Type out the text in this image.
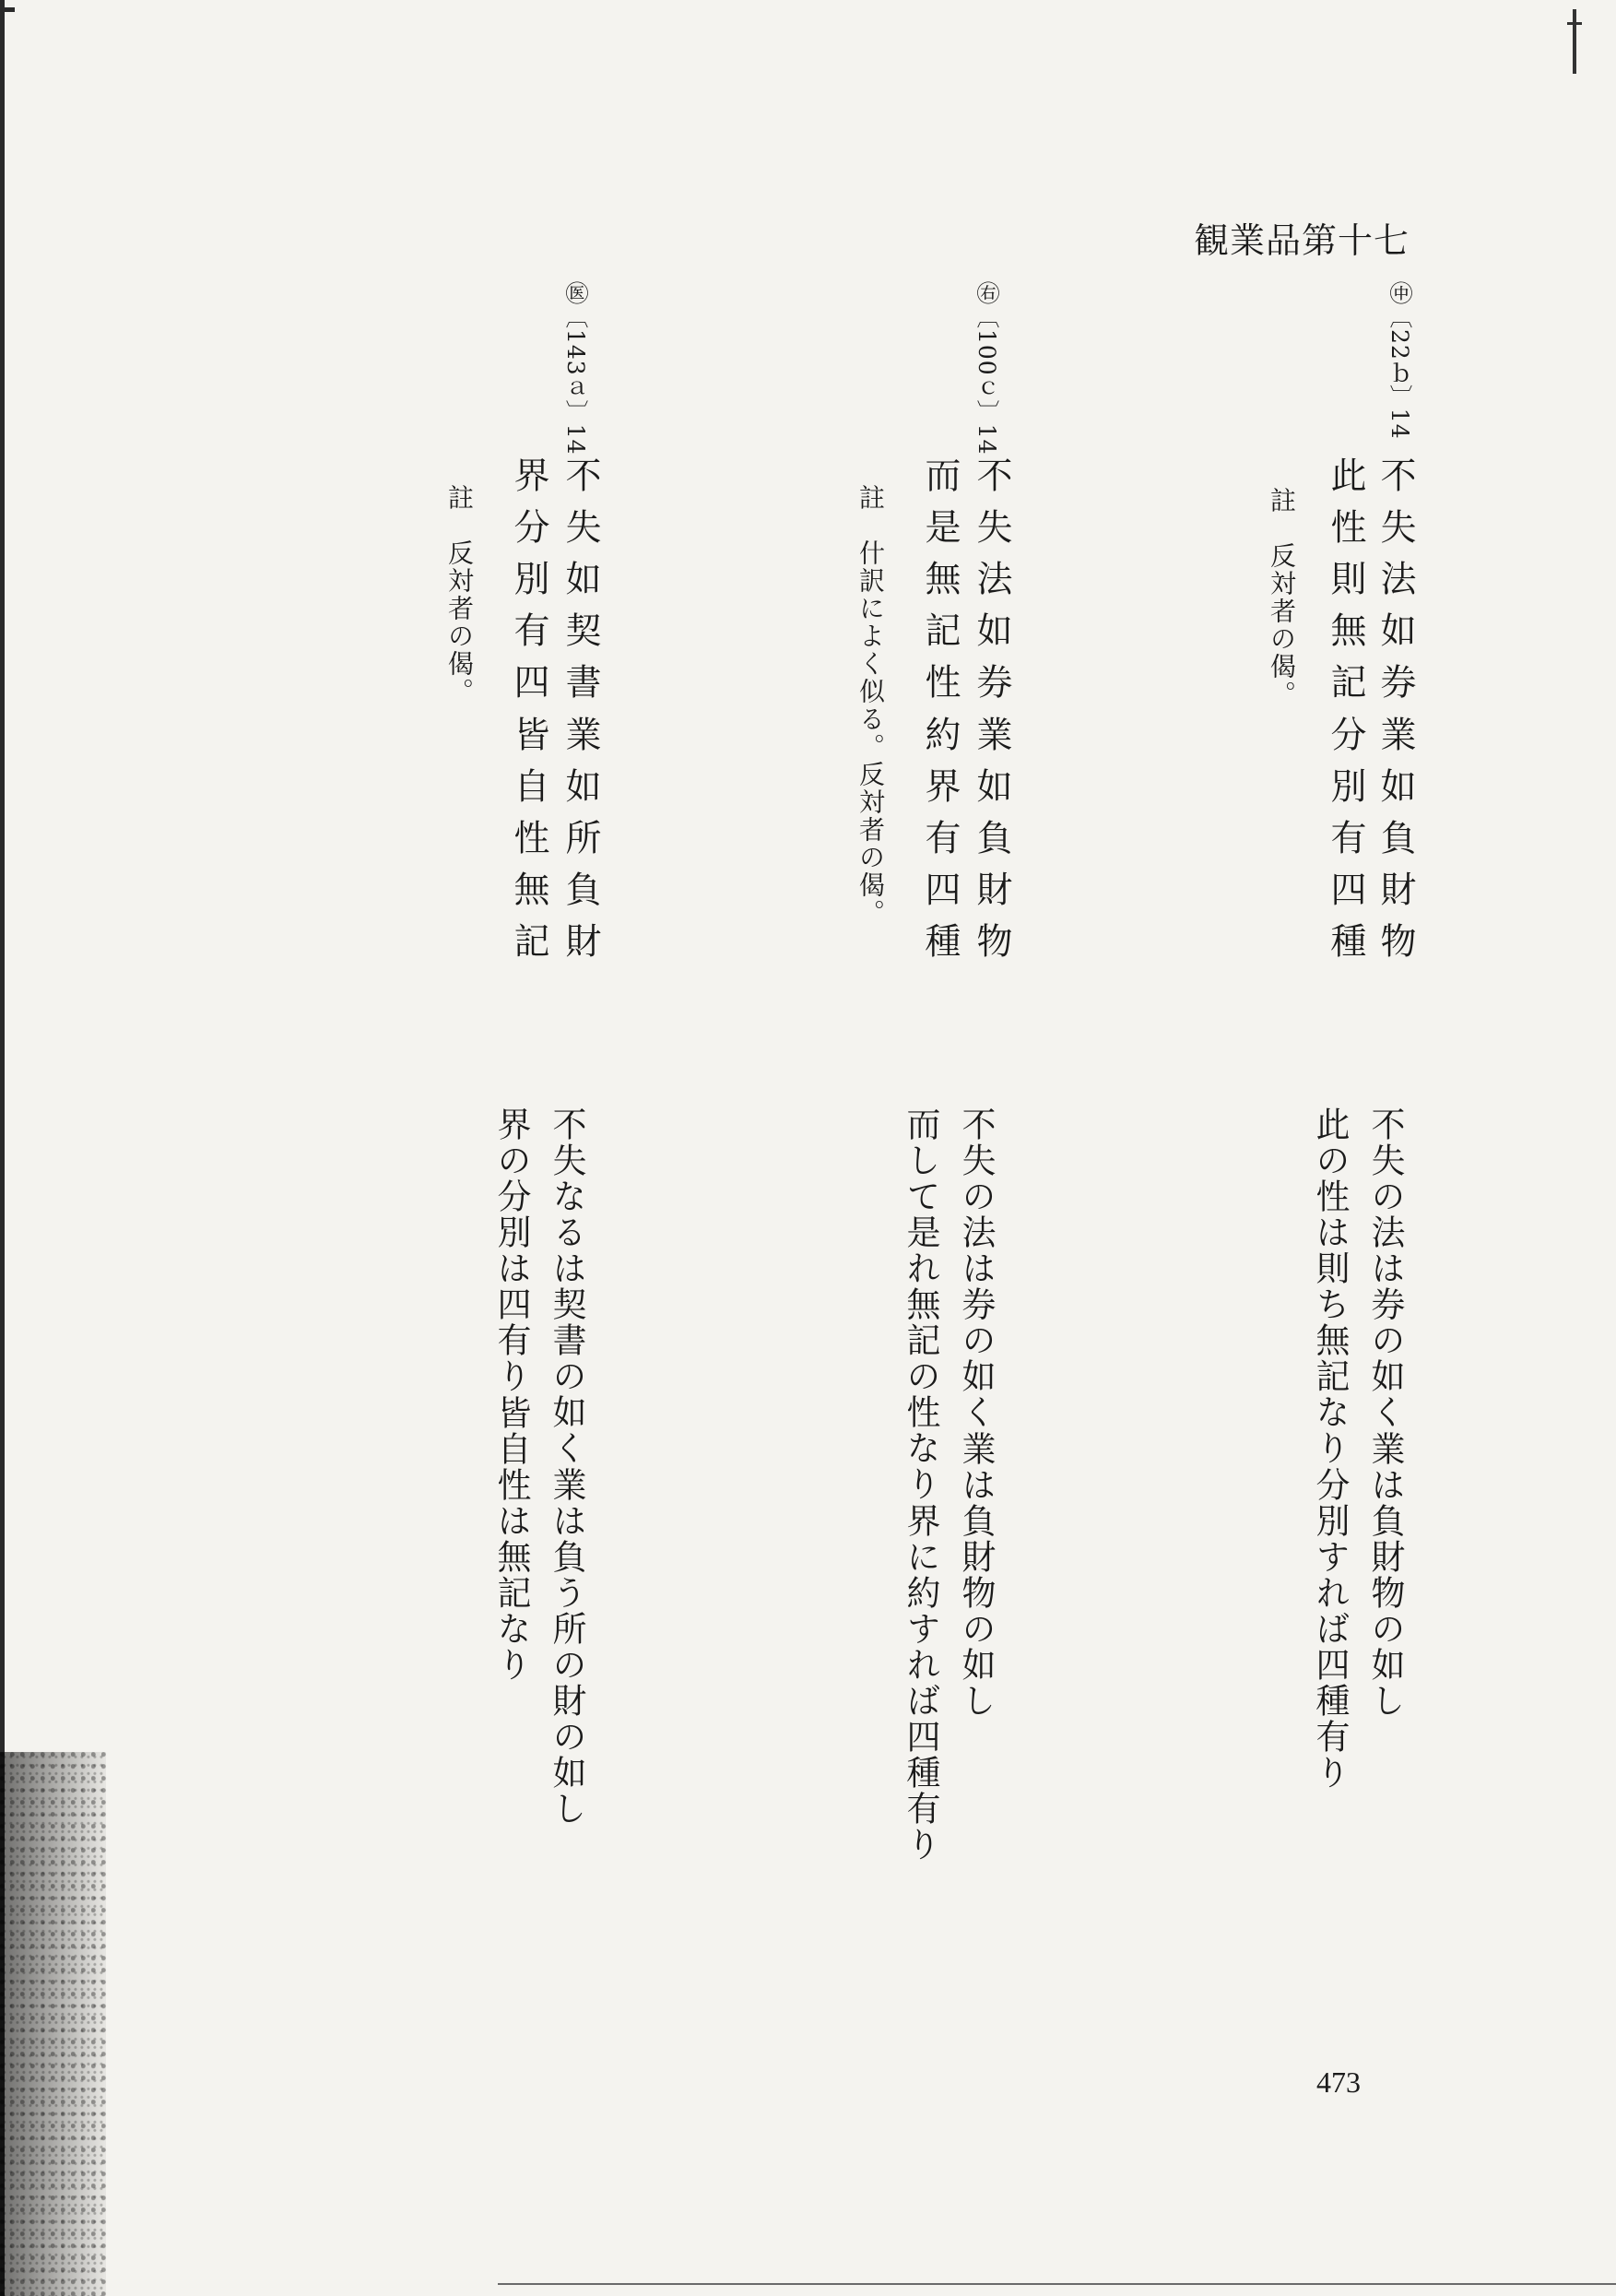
観業品第十七
㊥〔22ｂ〕14
不失法如券業如負財物
此性則無記分別有四種
註　反対者の偈。
不失の法は券の如く業は負財物の如し
此の性は則ち無記なり分別すれば四種有り
㊨〔100ｃ〕14
不失法如券業如負財物
而是無記性約界有四種
註　什訳によく似る。反対者の偈。
不失の法は券の如く業は負財物の如し
而して是れ無記の性なり界に約すれば四種有り
㊩〔143ａ〕14
不失如契書業如所負財
界分別有四皆自性無記
註　反対者の偈。
不失なるは契書の如く業は負う所の財の如し
界の分別は四有り皆自性は無記なり
473
